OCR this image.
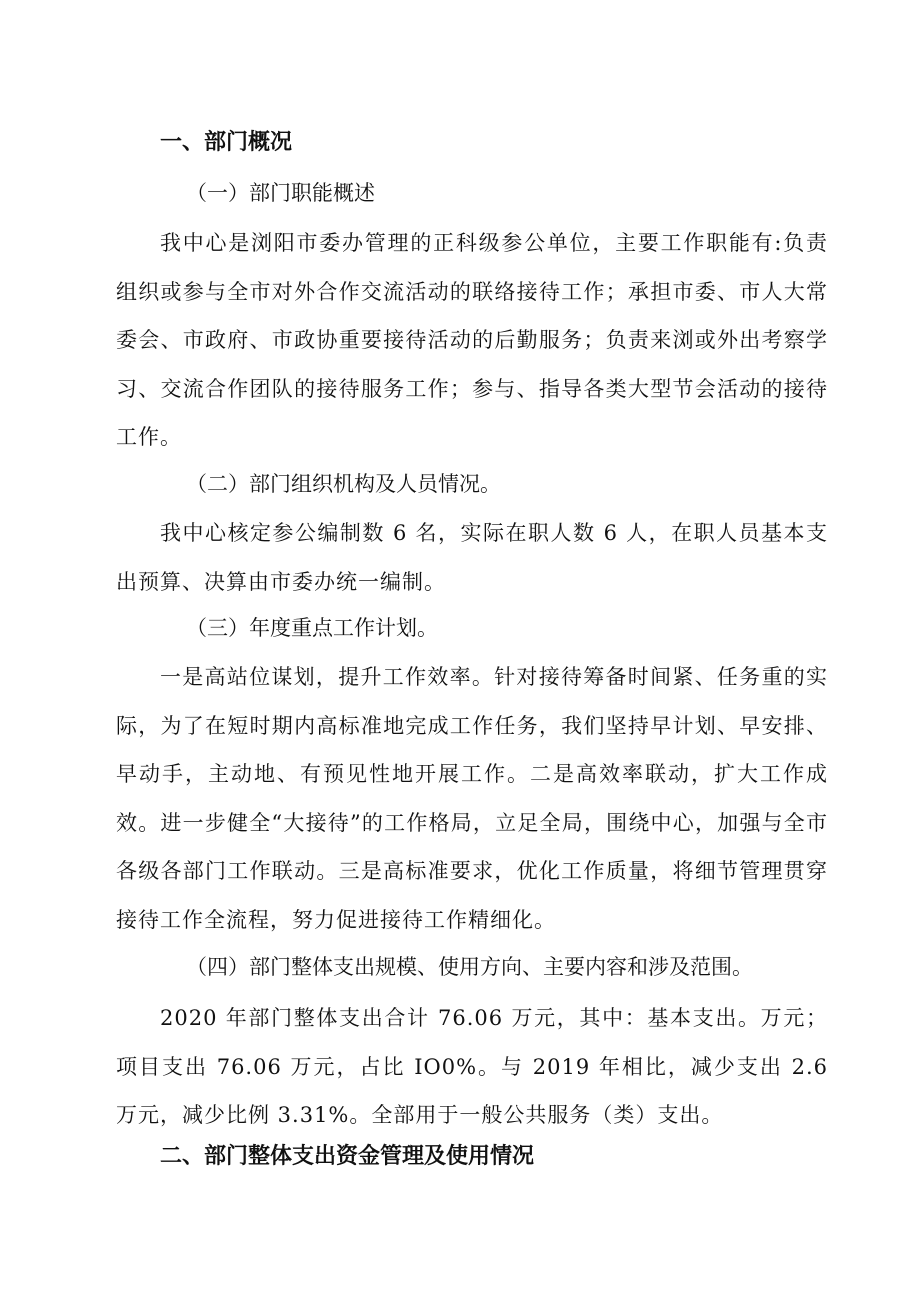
一、部门概况

（一）部门职能概述

我中心是浏阳市委办管理的正科级参公单位，主要工作职能有:负责组织或参与全市对外合作交流活动的联络接待工作；承担市委、市人大常委会、市政府、市政协重要接待活动的后勤服务；负责来浏或外出考察学习、交流合作团队的接待服务工作；参与、指导各类大型节会活动的接待工作。

（二）部门组织机构及人员情况。

我中心核定参公编制数 6 名，实际在职人数 6 人，在职人员基本支出预算、决算由市委办统一编制。

（三）年度重点工作计划。

一是高站位谋划，提升工作效率。针对接待筹备时间紧、任务重的实际，为了在短时期内高标准地完成工作任务，我们坚持早计划、早安排、早动手，主动地、有预见性地开展工作。二是高效率联动，扩大工作成效。进一步健全“大接待”的工作格局，立足全局，围绕中心，加强与全市各级各部门工作联动。三是高标准要求，优化工作质量，将细节管理贯穿接待工作全流程，努力促进接待工作精细化。

（四）部门整体支出规模、使用方向、主要内容和涉及范围。

2020 年部门整体支出合计 76.06 万元，其中：基本支出。万元；项目支出 76.06 万元，占比 IO0%。与 2019 年相比，减少支出 2.6 万元，减少比例 3.31%。全部用于一般公共服务（类）支出。

二、部门整体支出资金管理及使用情况
